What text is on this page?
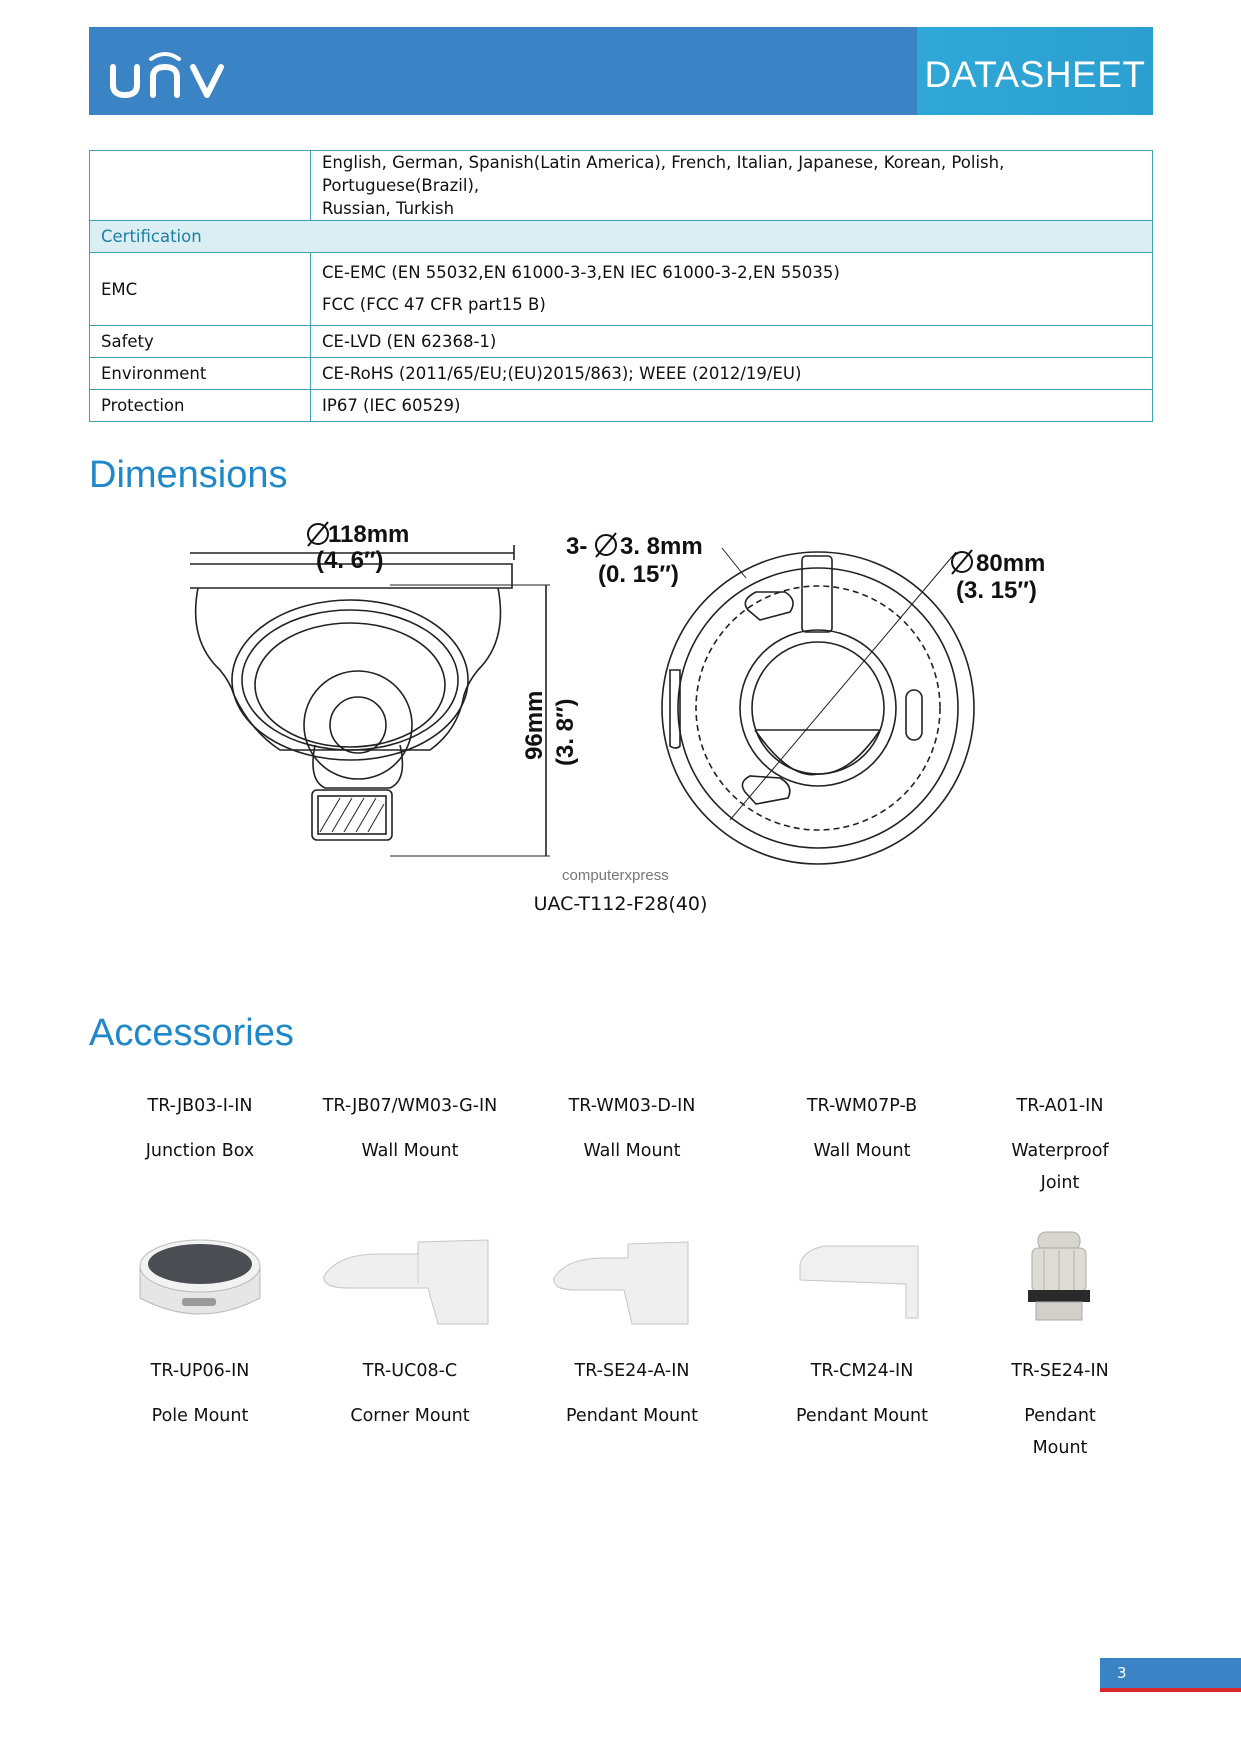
UNV
DATASHEET

	English, German, Spanish(Latin America), French, Italian, Japanese, Korean, Polish, Portuguese(Brazil),
Russian, Turkish

Certification	
EMC	CE-EMC (EN 55032,EN 61000-3-3,EN IEC 61000-3-2,EN 55035)
FCC (FCC 47 CFR part15 B)

Safety	CE-LVD (EN 62368-1)
Environment	CE-RoHS (2011/65/EU;(EU)2015/863); WEEE (2012/19/EU)
Protection	IP67 (IEC 60529)
Dimensions
118mm
(4. 6″)
3- 3. 8mm
(0. 15″)	80mm
(3. 15″)
96mm (3. 8″)
computerxpress
UAC-T112-F28(40)
Accessories
TR-JB03-I-IN
Junction Box
TR-JB07/WM03-G-IN
Wall Mount
TR-WM03-D-IN
Wall Mount
TR-WM07P-B
Wall Mount
TR-A01-IN
Waterproof
Joint
TR-UP06-IN
Pole Mount
TR-UC08-C
Corner Mount
TR-SE24-A-IN
Pendant Mount
TR-CM24-IN
Pendant Mount
TR-SE24-IN
Pendant
Mount
3
